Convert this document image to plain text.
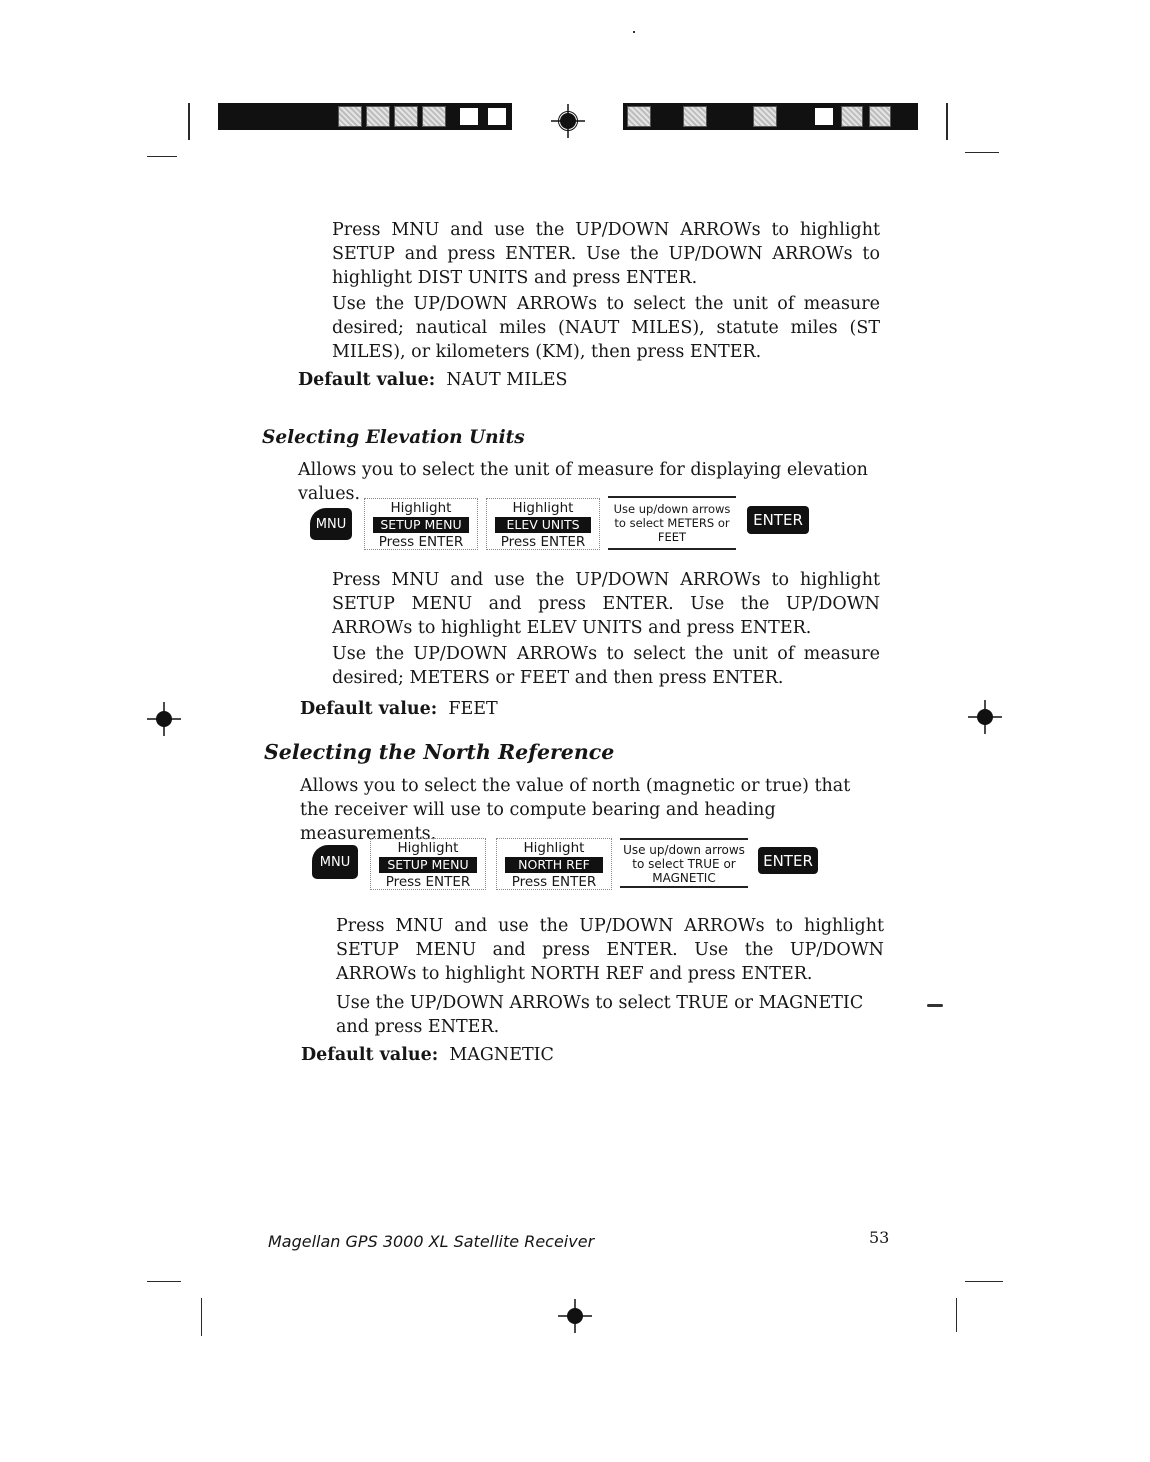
Press MNU and use the UP/DOWN ARROWs to highlight SETUP and press ENTER. Use the UP/DOWN ARROWs to highlight DIST UNITS and press ENTER.

Use the UP/DOWN ARROWs to select the unit of measure desired; nautical miles (NAUT MILES), statute miles (ST MILES), or kilometers (KM), then press ENTER.

Default value: NAUT MILES
Selecting Elevation Units

Allows you to select the unit of measure for displaying elevation values.

MNU
Highlight
SETUP MENU
Press ENTER
Highlight
ELEV UNITS
Press ENTER
Use up/down arrows
to select METERS or
FEET
ENTER

Press MNU and use the UP/DOWN ARROWs to highlight SETUP MENU and press ENTER. Use the UP/DOWN ARROWs to highlight ELEV UNITS and press ENTER.

Use the UP/DOWN ARROWs to select the unit of measure desired; METERS or FEET and then press ENTER.

Default value: FEET
Selecting the North Reference

Allows you to select the value of north (magnetic or true) that the receiver will use to compute bearing and heading measurements.

MNU
Highlight
SETUP MENU
Press ENTER
Highlight
NORTH REF
Press ENTER
Use up/down arrows
to select TRUE or
MAGNETIC
ENTER

Press MNU and use the UP/DOWN ARROWs to highlight SETUP MENU and press ENTER. Use the UP/DOWN ARROWs to highlight NORTH REF and press ENTER.

Use the UP/DOWN ARROWs to select TRUE or MAGNETIC and press ENTER.

Default value: MAGNETIC

Magellan GPS 3000 XL Satellite Receiver	53
